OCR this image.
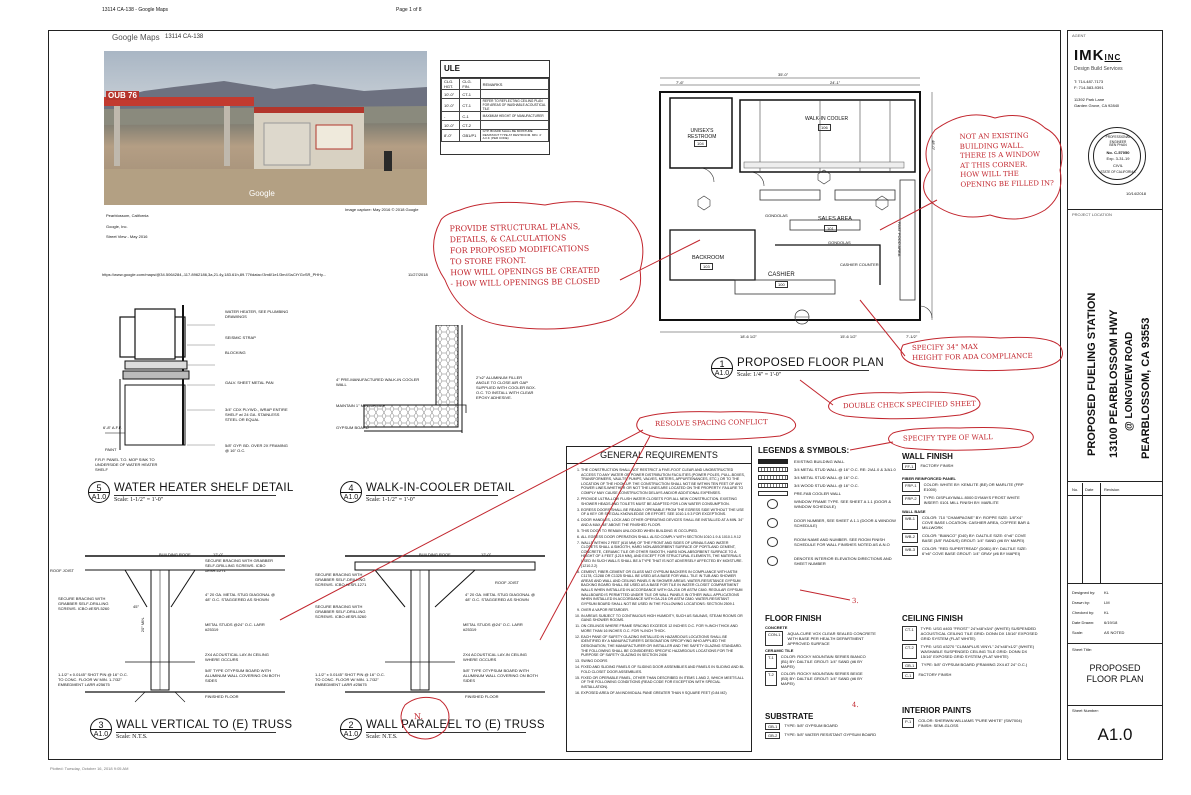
13114 CA-138 - Google Maps	Page 1 of 8
Google Maps 13114 CA-138
OUB 76
Google
Image capture: May 2016 © 2018 Google
Pearblossom, California
Google, Inc.
Street View - May 2016
https://www.google.com/maps/@34.5064284,-117.8962186,3a,21.4y,183.61h,89.77t/data=!3m6!1e1!3m4!1sCtYGvSR_PHHy...	11/27/2018
ULE
CLG. HGT.	CLG. FIN.	REMARKS
10'-0"	CT-1	
10'-0"	CT-1	REFER TO REFLECTING CEILING PLAN FOR AREAS OF WASHABLE ACOUSTICAL TILE
-	C-1	MAXIMUM HEIGHT OF MANUFACTURER
10'-0"	CT-2	
8'-0"	GB1/P1	GYP. BOARD SHALL BE MOISTURE RESISTANT TYPE AT RESTROOM. MIN. 4' A.F.F. (PER CODE)
UNISEX'S RESTROOM
104
WALK-IN COOLER
106
SALES AREA
101
BACKROOM
103
CASHIER
100
GONDOLAS
GONDOLAS
CASHIER COUNTER
FAST FOOD AREA
35'-0"
24'-1"
7'-6"
48'-0"
18'-6 1/2"	15'-6 1/2"	7'-1/2"
1
A1.0
PROPOSED FLOOR PLAN
Scale: 1/4" = 1'-0"
WATER HEATER, SEE PLUMBING DRAWINGS
SEISMIC STRAP
BLOCKING
GALV. SHEET METAL PAN
3/4" CDX PLYWD., WRAP ENTIRE SHELF w/ 24 GA. STAINLESS STEEL OR EQUAL
5/8" GYP. BD. OVER 2X FRAMING @ 16" O.C.
PAINT
F.R.P. PANEL T.O. MOP SINK TO UNDERSIDE OF WATER HEATER SHELF
6'-8" A.F.F.
5
A1.0
WATER HEATER SHELF DETAIL
Scale: 1-1/2" = 1'-0"
4" PRE-MANUFACTURED WALK-IN COOLER WALL
MAINTAIN 1" MIN.AIR GAP
2"x2" ALUMINUM FILLER ANGLE TO CLOSE AIR GAP SUPPLIED WITH COOLER BOX. O.C. TO INSTALL WITH CLEAR EPOXY ADHESIVE.
GYPSUM BOARD
4
A1.0
WALK-IN-COOLER DETAIL
Scale: 1-1/2" = 1'-0"
BUILDING ROOF
ROOF JOIST
SECURE BRACING WITH GRABBER SELF-DRILLING SCREWS. ICBO #ESR-1271
4" 20 GA. METAL STUD DIAGONAL @ 48" O.C. STAGGERED AS SHOWN
SECURE BRACING WITH GRABBER SELF-DRILLING SCREWS. ICBO #ESR-5260
METAL STUDS @24" O.C. LARR #25319
2X4 ACOUSTICAL LAY-IN CEILING WHERE OCCURS
5/8" TYPE OTYPSUM BOARD WITH ALUMINUM WALL COVERING ON BOTH SIDES
1-1/2" x 0.0145" SHOT PIN @ 16" O.C. TO CONC. FLOOR W/ MIN. 1-7/32" EMBEDMENT LARR #25675
FINISHED FLOOR
12'-0"
20" MIN.
45°
3
A1.0
WALL VERTICAL TO (E) TRUSS
Scale: N.T.S.
BUILDING ROOF
ROOF JOIST
SECURE BRACING WITH GRABBER SELF-DRILLING SCREWS. ICBO #ESR-1271
4" 20 GA. METAL STUD DIAGONAL @ 48" O.C. STAGGERED AS SHOWN
SECURE BRACING WITH GRABBER SELF-DRILLING SCREWS. ICBO #ESR-5260
METAL STUDS @24" O.C. LARR #25319
2X4 ACOUSTICAL LAY-IN CEILING WHERE OCCURS
5/8" TYPE OTYPSUM BOARD WITH ALUMINUM WALL COVERING ON BOTH SIDES
1-1/2" x 0.0145" SHOT PIN @ 16" O.C. TO CONC. FLOOR W/ MIN. 1-7/32" EMBEDMENT LARR #25675
FINISHED FLOOR
12'-0"
2
A1.0
WALL PARALEEL TO (E) TRUSS
Scale: N.T.S.
GENERAL REQUIREMENTS
1. THE CONSTRUCTION SHALL NOT RESTRICT A FIVE-FOOT CLEAR AND UNOBSTRUCTED ACCESS TO ANY WATER OR POWER DISTRIBUTION FACILITIES (POWER POLES, PULL-BOXES, TRANSFORMERS, VAULTS, PUMPS, VALVES, METERS, APPURTENANCES, ETC.) OR TO THE LOCATION OF THE HOOK-UP. THE CONSTRUCTION SHALL NOT BE WITHIN TEN FEET OF ANY POWER LINES-WHETHER OR NOT THE LINES ARE LOCATED ON THE PROPERTY. FAILURE TO COMPLY MAY CAUSE CONSTRUCTION DELAYS AND/OR ADDITIONAL EXPENSES.
2. PROVIDE ULTRA-LOW FLUSH WATER CLOSETS FOR ALL NEW CONSTRUCTION. EXISTING SHOWER HEADS AND TOILETS MUST BE ADAPTED FOR LOW WATER CONSUMPTION.
3. EGRESS DOORS SHALL BE READILY OPENABLE FROM THE EGRESS SIDE WITHOUT THE USE OF A KEY OR SPECIAL KNOWLEDGE OR EFFORT. SEE 1010.1.9.3 FOR EXCEPTIONS.
4. DOOR HANDLES, LOCK AND OTHER OPERATING DEVICES SHALL BE INSTALLED AT A MIN. 34" AND A MAX. 48" ABOVE THE FINISHED FLOOR.
5. THIS DOOR TO REMAIN UNLOCKED WHEN BUILDING IS OCCUPIED.
6. ALL EGRESS DOOR OPERATION SHALL ALSO COMPLY WITH SECTION 1010.1.9 & 1010.1.9.12
7. WALLS WITHIN 2 FEET (610 MM) OF THE FRONT AND SIDES OF URINALS AND WATER CLOSETS SHALL A SMOOTH, HARD NON-ABSORBENT SURFACE OF PORTLAND CEMENT, CONCRETE, CERAMIC TILE OR OTHER SMOOTH, HARD NON-ABSORBENT SURFACE TO A HEIGHT OF 4 FEET (1219 MM), AND EXCEPT FOR STRUCTURAL ELEMENTS, THE MATERIALS USED IN SUCH WALLS SHALL BE A TYPE THAT IS NOT ADVERSELY AFFECTED BY MOISTURE. (1210.2.2)
8. CEMENT, FIBER-CEMENT OR GLASS MAT GYPSUM BACKERS IN COMPLIANCE WITH ASTM C1178, C1288 OR C1325 SHALL BE USED AS A BASE FOR WALL TILE IN TUB AND SHOWER AREAS AND WALL AND CEILING PANELS IN SHOWER AREAS. WATER-RESISTANCE GYPSUM BACKING BOARD SHALL BE USED AS A BASE FOR TILE IN WATER CLOSET COMPARTMENT WALLS WHEN INSTALLED IN ACCORDANCE WITH GA-216 OR ASTM C840. REGULAR GYPSUM WALLBOARD IS PERMITTED UNDER TILE OR WALL PANELS IN OTHER WALL APPLICATIONS WHEN INSTALLED IN ACCORDANCE WITH GA-216 OR ASTM C840. WATER-RESISTANT GYPSUM BOARD SHALL NOT BE USED IN THE FOLLOWING LOCATIONS: SECTION 2509.1
9. OVER A VAPOR RETARDER.
10. IN AREAS SUBJECT TO CONTINUOUS HIGH HUMIDITY, SUCH AS SAUNAS, STEAM ROOMS OR GANG SHOWER ROOMS.
11. ON CEILINGS WHERE FRAME SPACING EXCEEDS 12 INCHES O.C. FOR ½-INCH THICK AND MORE THAN 16 INCHES O.C. FOR ⅝-INCH THICK.
12. EACH PANE OF SAFETY GLAZING INSTALLED IN HAZARDOUS LOCATIONS SHALL BE IDENTIFIED BY A MANUFACTURER'S DESIGNATION SPECIFYING WHO APPLIED THE DESIGNATION, THE MANUFACTURER OR INSTALLER AND THE SAFETY GLAZING STANDARD. THE FOLLOWING SHALL BE CONSIDERED SPECIFIC HAZARDOUS LOCATIONS FOR THE PURPOSE OF SAFETY GLAZING IN SECTION 2406
13. SWING DOORS
14. FIXED AND SLIDING PANELS OF SLIDING DOOR ASSEMBLIES AND PANELS IN SLIDING AND BI-FOLD CLOSET DOOR ASSEMBLIES.
15. FIXED OR OPERABLE PANEL, OTHER THAN DESCRIBED IN ITEMS 1 AND 2, WHICH MEETS ALL OF THE FOLLOWING CONDITIONS (READ CODE FOR EXCEPTION WITH SPECIAL INSTALLATION).
16. EXPOSED AREA OF AN INDIVIDUAL PANE GREATER THAN 9 SQUARE FEET (0.84 M2)
LEGENDS & SYMBOLS:
EXISTING BUILDING WALL
3/4 METAL STUD WALL @ 16" O.C. RE: 2/A1.0 & 3/A1.0
3/4 METAL STUD WALL @ 16" O.C.
3/4 WOOD STUD WALL @ 16" O.C.
PRE-FAB COOLER WALL
WINDOW FRAME TYPE. SEE SHEET A 1.1 (DOOR & WINDOW SCHEDULE)
DOOR NUMBER, SEE SHEET A 1.1 (DOOR & WINDOW SCHEDULE)
ROOM NAME AND NUMBER. SEE ROOM FINISH SCHEDULE FOR WALL FINISHES NOTED AS A.N.O
DENOTES INTERIOR ELEVATION DIRECTIONS AND SHEET NUMBER
FLOOR FINISH
CONCRETE
CON-1	AQUA-CURE VOX CLEAR SEALED CONCRETE WITH BASE PER HEALTH DEPARTMENT APPROVED SURFACE
CERAMIC TILE
T-1	COLOR: ROCKY MOUNTAIN SERIES BIANCO (B1) BY: DALTILE GROUT: 1/4" SAND (#6 BY MAPEI)
T-2	COLOR: ROCKY MOUNTAIN SERIES BEIGE (B3) BY: DALTILE GROUT: 1/4" SAND (#6 BY MAPEI)
SUBSTRATE
GB-1	TYPE: 5/8" GYPSUM BOARD
GB-2	TYPE: 5/8" WATER RESISTANT GYPSUM BOARD
WALL FINISH
FF-1	FACTORY FINISH
FIBER REINFORCED PANEL
FRP-1	COLOR: WHITE BY: KEMLITE (BE) OR MARLITE (FRP E1000)
FRP-2	TYPE: DISPLAYWALL 8000 DYMAYS FROST WHITE INSERT: 0101 MILL FINISH BY: MARLITE
WALL BASE
WB-1	COLOR: 710 "CHAMPAGNE" BY: ROPPE SIZE: 1/8"X4" COVE BASE LOCATION: CASHIER AREA, COFFEE BAR & MILLWORK
WB-2	COLOR: "BIANCO" (D40) BY: DALTILE SIZE: 6"x6" COVE BASE (3/8" RADIUS) GROUT: 1/4" SAND (#6 BY MAPEI)
WB-3	COLOR: "RED SUPERTREAD" (D081) BY: DALTILE SIZE: 6"x6" COVE BASE GROUT: 1/4" GRAY (#6 BY MAPEI)
CEILING FINISH
CT-1	TYPE: USG #403 "FROST" 24"x48"x3/4" (WHITE) SUSPENDED ACOUSTICAL CEILING TILE GRID: DONN DX 15/16" EXPOSED GRID SYSTEM (FLAT WHITE)
CT-2	TYPE: USG #3270 "CLIMAPLUS VINYL" 24"x48"x1/2" (WHITE) WASHABLE SUSPENDED CEILING TILE GRID: DONN DX 15/16" EXPOSED GRID SYSTEM (FLAT WHITE)
GB-1	TYPE: 5/8" GYPSUM BOARD (FRAMING 2X4 AT 24" O.C.)
C-1	FACTORY FINISH
INTERIOR PAINTS
P-1	COLOR: SHERWIN WILLIAMS "PURE WHITE" (SW7004) FINISH: SEMI-GLOSS
AGENT
IMKINC
Design Build Services
T: 714-487-7173
F: 714-583-9391
11392 Park Lane
Garden Grove, CA 92840
PROFESSIONAL ENGINEER
BEN PHAN
No. C-57050
Exp. 3-31-19
CIVIL
STATE OF CALIFORNIA
10/14/2018
PROJECT LOCATION
PROPOSED FUELING STATION 13100 PEARBLOSSOM HWY @ LONGVIEW ROAD PEARBLOSSOM, CA 93553
No. Date	Revision
Designed by: KL
Drawn by:	LM
Checked by: KL
Date Drawn: 6/19/18
Scale:	AS NOTED
Sheet Title:
PROPOSED
FLOOR PLAN
Sheet Number:
A1.0
NOT AN EXISTING
BUILDING WALL.
THERE IS A WINDOW
AT THIS CORNER.
HOW WILL THE
OPENING BE FILLED IN?
PROVIDE STRUCTURAL PLANS,
DETAILS, & CALCULATIONS
FOR PROPOSED MODIFICATIONS
TO STORE FRONT.
HOW WILL OPENINGS BE CREATED
- HOW WILL OPENINGS BE CLOSED
SPECIFY 34" MAX
HEIGHT FOR ADA COMPLIANCE
DOUBLE CHECK SPECIFIED SHEET
SPECIFY TYPE OF WALL
RESOLVE SPACING CONFLICT
N.
3.
4.
Plotted: Tuesday, October 16, 2018 9:05 AM
